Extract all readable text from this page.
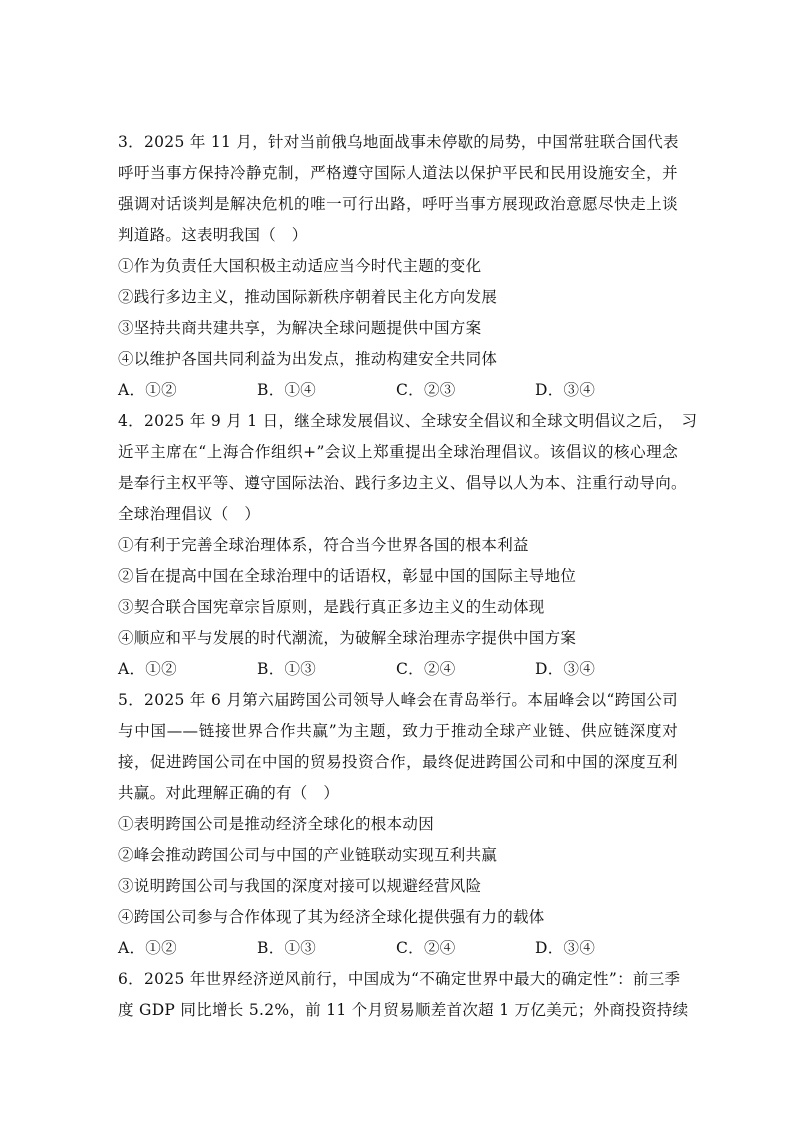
3．2025 年 11 月，针对当前俄乌地面战事未停歇的局势，中国常驻联合国代表
呼吁当事方保持冷静克制，严格遵守国际人道法以保护平民和民用设施安全，并
强调对话谈判是解决危机的唯一可行出路，呼吁当事方展现政治意愿尽快走上谈
判道路。这表明我国（　）
①作为负责任大国积极主动适应当今时代主题的变化
②践行多边主义，推动国际新秩序朝着民主化方向发展
③坚持共商共建共享，为解决全球问题提供中国方案
④以维护各国共同利益为出发点，推动构建安全共同体
A．①②	B．①④	C．②③	D．③④
4．2025 年 9 月 1 日，继全球发展倡议、全球安全倡议和全球文明倡议之后，　习
近平主席在“上海合作组织+”会议上郑重提出全球治理倡议。该倡议的核心理念
是奉行主权平等、遵守国际法治、践行多边主义、倡导以人为本、注重行动导向。
全球治理倡议（　）
①有利于完善全球治理体系，符合当今世界各国的根本利益
②旨在提高中国在全球治理中的话语权，彰显中国的国际主导地位
③契合联合国宪章宗旨原则，是践行真正多边主义的生动体现
④顺应和平与发展的时代潮流，为破解全球治理赤字提供中国方案
A．①②	B．①③	C．②④	D．③④
5．2025 年 6 月第六届跨国公司领导人峰会在青岛举行。本届峰会以“跨国公司
与中国——链接世界合作共赢”为主题，致力于推动全球产业链、供应链深度对
接，促进跨国公司在中国的贸易投资合作，最终促进跨国公司和中国的深度互利
共赢。对此理解正确的有（　）
①表明跨国公司是推动经济全球化的根本动因
②峰会推动跨国公司与中国的产业链联动实现互利共赢
③说明跨国公司与我国的深度对接可以规避经营风险
④跨国公司参与合作体现了其为经济全球化提供强有力的载体
A．①②	B．①③	C．②④	D．③④
6．2025 年世界经济逆风前行，中国成为“不确定世界中最大的确定性”：前三季
度 GDP 同比增长 5.2%，前 11 个月贸易顺差首次超 1 万亿美元；外商投资持续
